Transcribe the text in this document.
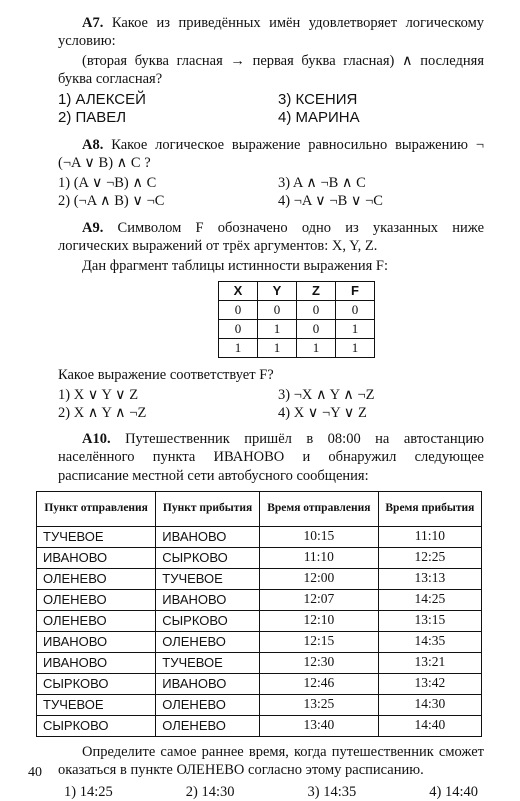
А7. Какое из приведённых имён удовлетворяет логическому условию:

(вторая буква гласная → первая буква гласная) ∧ последняя буква согласная?

1) АЛЕКСЕЙ	3) КСЕНИЯ
2) ПАВЕЛ	4) МАРИНА

А8. Какое логическое выражение равносильно выражению ¬ (¬A ∨ B) ∧ C ?

1) (A ∨ ¬B) ∧ C	3) A ∧ ¬B ∧ C
2) (¬A ∧ B) ∨ ¬C	4) ¬A ∨ ¬B ∨ ¬C

А9. Символом F обозначено одно из указанных ниже логических выражений от трёх аргументов: X, Y, Z.

Дан фрагмент таблицы истинности выражения F:

X	Y	Z	F
0	0	0	0
0	1	0	1
1	1	1	1

Какое выражение соответствует F?

1) X ∨ Y ∨ Z	3) ¬X ∧ Y ∧ ¬Z
2) X ∧ Y ∧ ¬Z	4) X ∨ ¬Y ∨ Z

А10. Путешественник пришёл в 08:00 на автостанцию населённого пункта ИВАНОВО и обнаружил следующее расписание местной сети автобусного сообщения:

Пункт отправления	Пункт прибытия	Время отправления	Время прибытия
ТУЧЕВОЕ	ИВАНОВО	10:15	11:10
ИВАНОВО	СЫРКОВО	11:10	12:25
ОЛЕНЕВО	ТУЧЕВОЕ	12:00	13:13
ОЛЕНЕВО	ИВАНОВО	12:07	14:25
ОЛЕНЕВО	СЫРКОВО	12:10	13:15
ИВАНОВО	ОЛЕНЕВО	12:15	14:35
ИВАНОВО	ТУЧЕВОЕ	12:30	13:21
СЫРКОВО	ИВАНОВО	12:46	13:42
ТУЧЕВОЕ	ОЛЕНЕВО	13:25	14:30
СЫРКОВО	ОЛЕНЕВО	13:40	14:40

Определите самое раннее время, когда путешественник сможет оказаться в пункте ОЛЕНЕВО согласно этому расписанию.

1) 14:25	2) 14:30	3) 14:35	4) 14:40
40
